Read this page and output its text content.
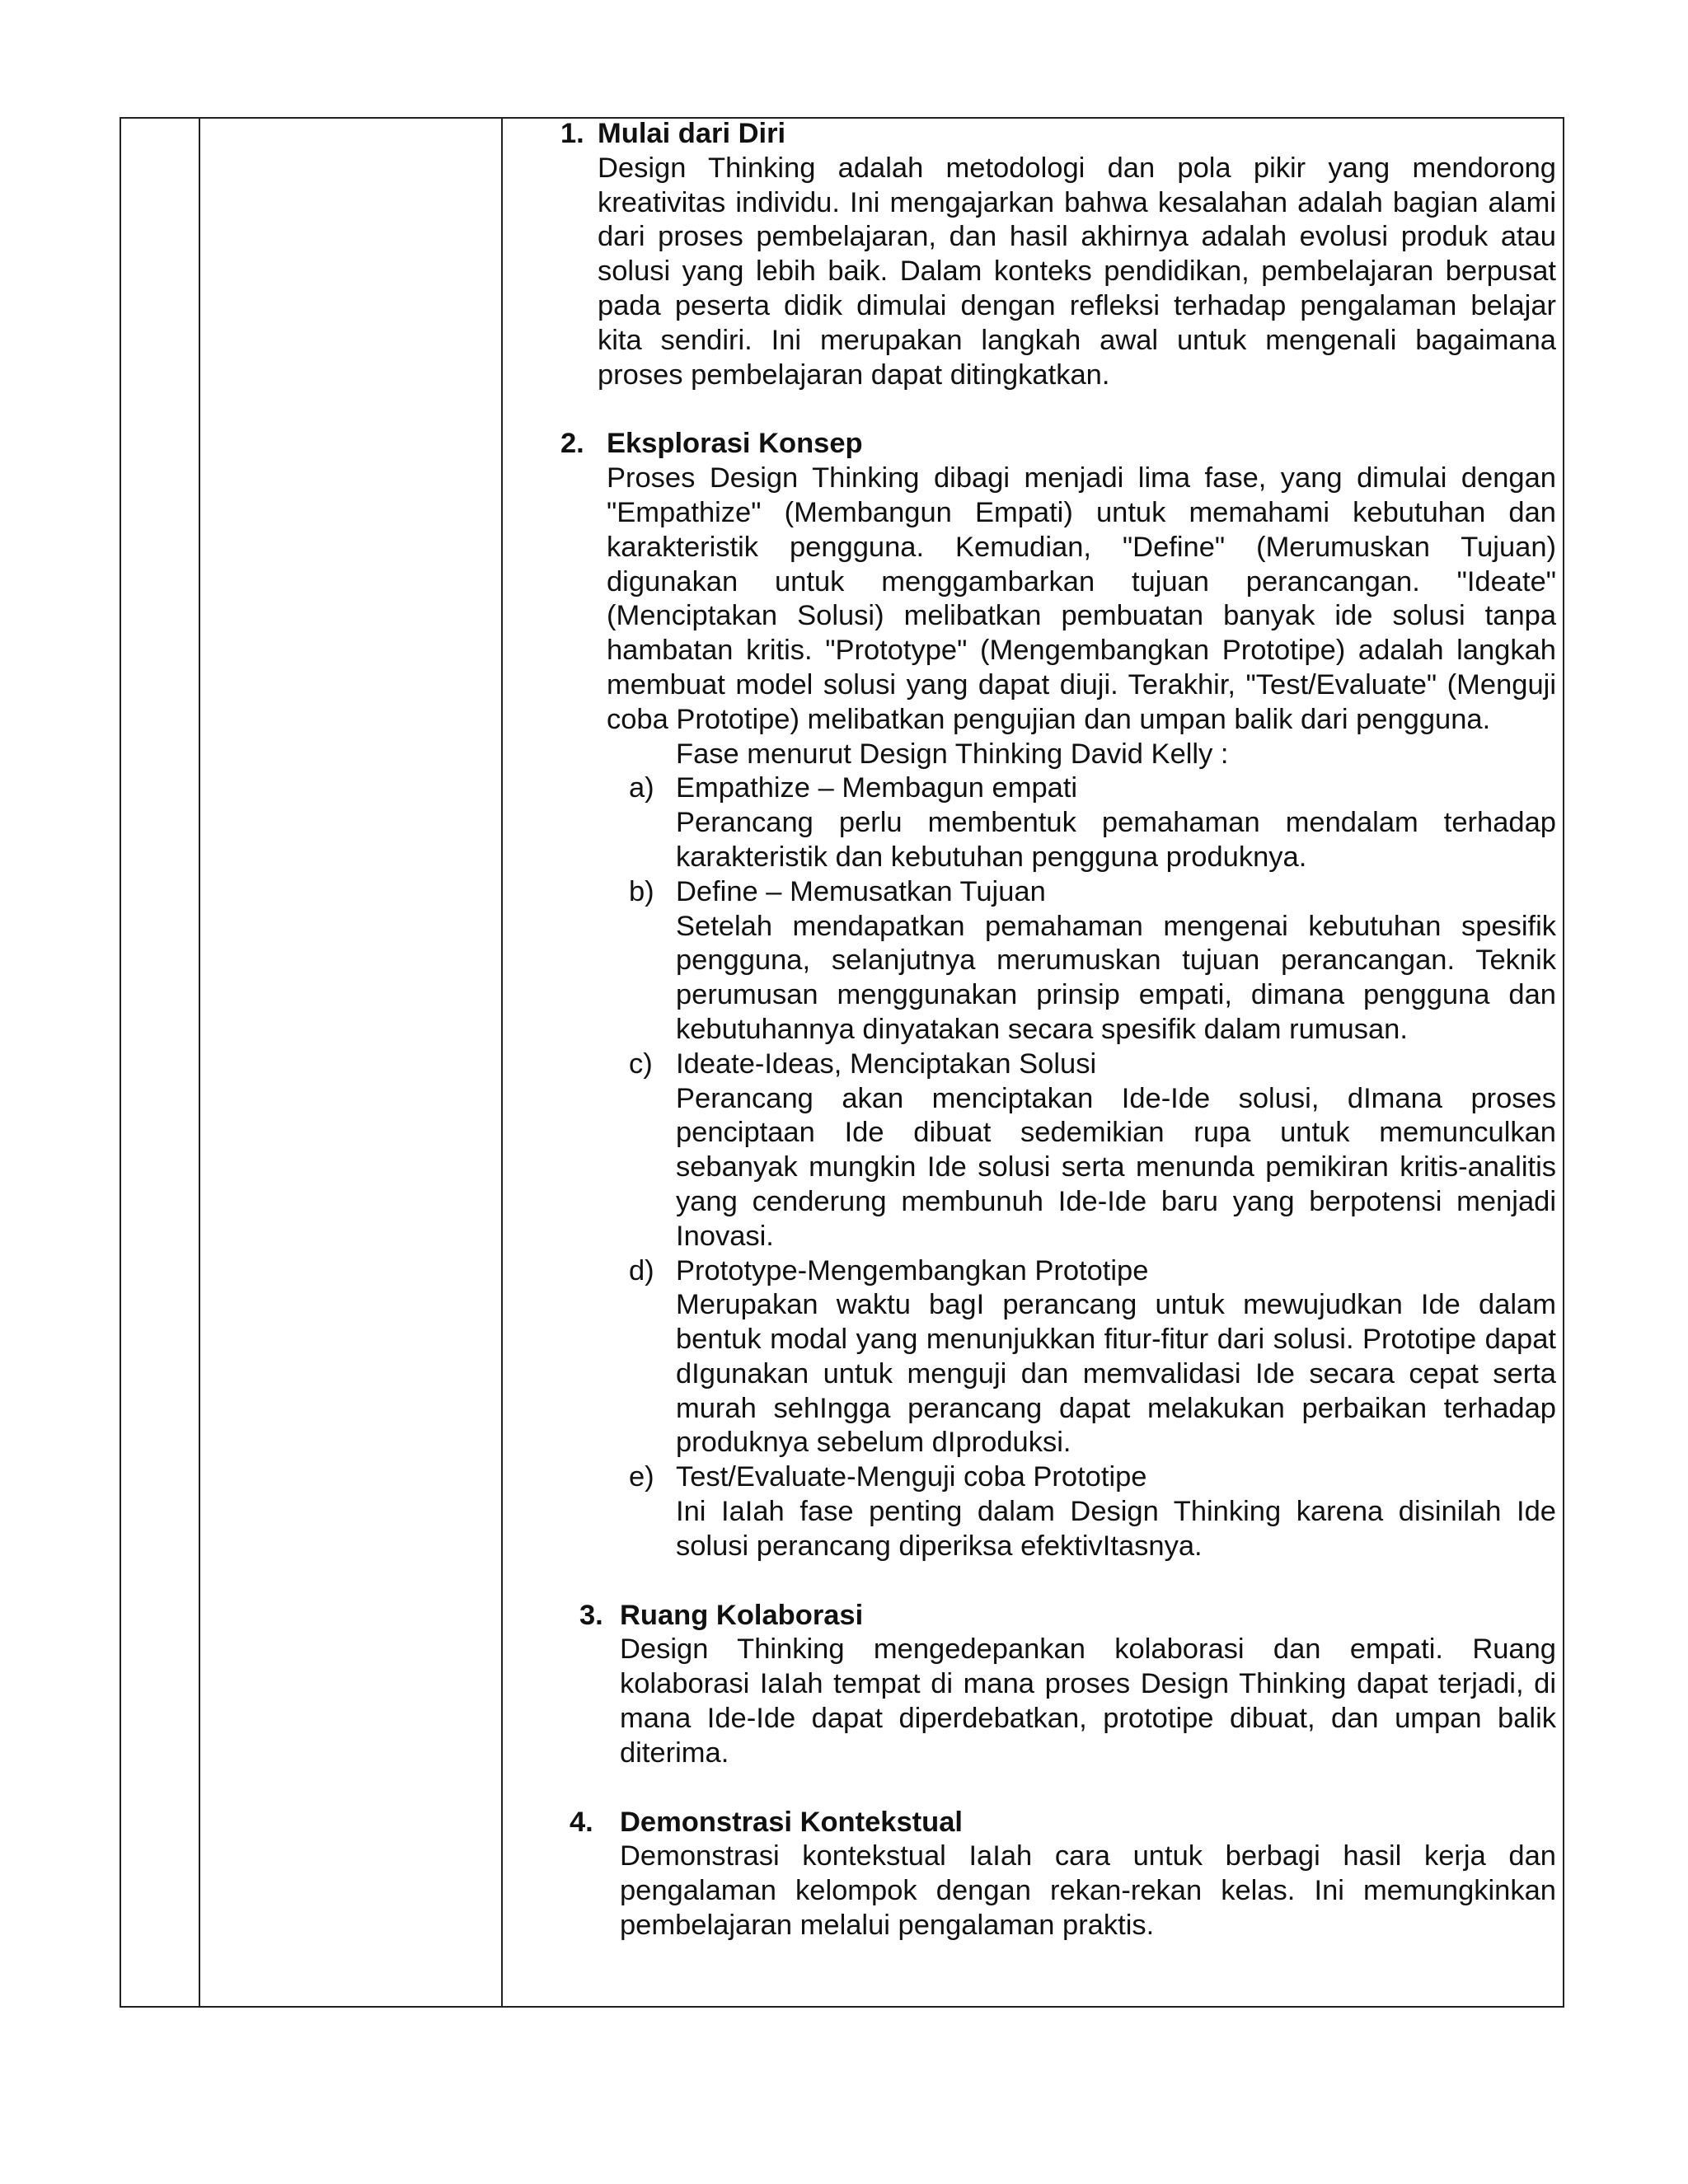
1. Mulai dari Diri

Design Thinking adalah metodologi dan pola pikir yang mendorong kreativitas individu. Ini mengajarkan bahwa kesalahan adalah bagian alami dari proses pembelajaran, dan hasil akhirnya adalah evolusi produk atau solusi yang lebih baik. Dalam konteks pendidikan, pembelajaran berpusat pada peserta didik dimulai dengan refleksi terhadap pengalaman belajar kita sendiri. Ini merupakan langkah awal untuk mengenali bagaimana proses pembelajaran dapat ditingkatkan.

2. Eksplorasi Konsep

Proses Design Thinking dibagi menjadi lima fase, yang dimulai dengan "Empathize" (Membangun Empati) untuk memahami kebutuhan dan karakteristik pengguna. Kemudian, "Define" (Merumuskan Tujuan) digunakan untuk menggambarkan tujuan perancangan. "Ideate" (Menciptakan Solusi) melibatkan pembuatan banyak ide solusi tanpa hambatan kritis. "Prototype" (Mengembangkan Prototipe) adalah langkah membuat model solusi yang dapat diuji. Terakhir, "Test/Evaluate" (Menguji coba Prototipe) melibatkan pengujian dan umpan balik dari pengguna.

Fase menurut Design Thinking David Kelly :
a) Empathize – Membagun empati

Perancang perlu membentuk pemahaman mendalam terhadap karakteristik dan kebutuhan pengguna produknya.

b) Define – Memusatkan Tujuan

Setelah mendapatkan pemahaman mengenai kebutuhan spesifik pengguna, selanjutnya merumuskan tujuan perancangan. Teknik perumusan menggunakan prinsip empati, dimana pengguna dan kebutuhannya dinyatakan secara spesifik dalam rumusan.

c) Ideate-Ideas, Menciptakan Solusi

Perancang akan menciptakan Ide-Ide solusi, dImana proses penciptaan Ide dibuat sedemikian rupa untuk memunculkan sebanyak mungkin Ide solusi serta menunda pemikiran kritis-analitis yang cenderung membunuh Ide-Ide baru yang berpotensi menjadi Inovasi.

d) Prototype-Mengembangkan Prototipe

Merupakan waktu bagI perancang untuk mewujudkan Ide dalam bentuk modal yang menunjukkan fitur-fitur dari solusi. Prototipe dapat dIgunakan untuk menguji dan memvalidasi Ide secara cepat serta murah sehIngga perancang dapat melakukan perbaikan terhadap produknya sebelum dIproduksi.

e) Test/Evaluate-Menguji coba Prototipe

Ini IaIah fase penting dalam Design Thinking karena disinilah Ide solusi perancang diperiksa efektivItasnya.

3. Ruang Kolaborasi

Design Thinking mengedepankan kolaborasi dan empati. Ruang kolaborasi IaIah tempat di mana proses Design Thinking dapat terjadi, di mana Ide-Ide dapat diperdebatkan, prototipe dibuat, dan umpan balik diterima.

4. Demonstrasi Kontekstual

Demonstrasi kontekstual IaIah cara untuk berbagi hasil kerja dan pengalaman kelompok dengan rekan-rekan kelas. Ini memungkinkan pembelajaran melalui pengalaman praktis.
